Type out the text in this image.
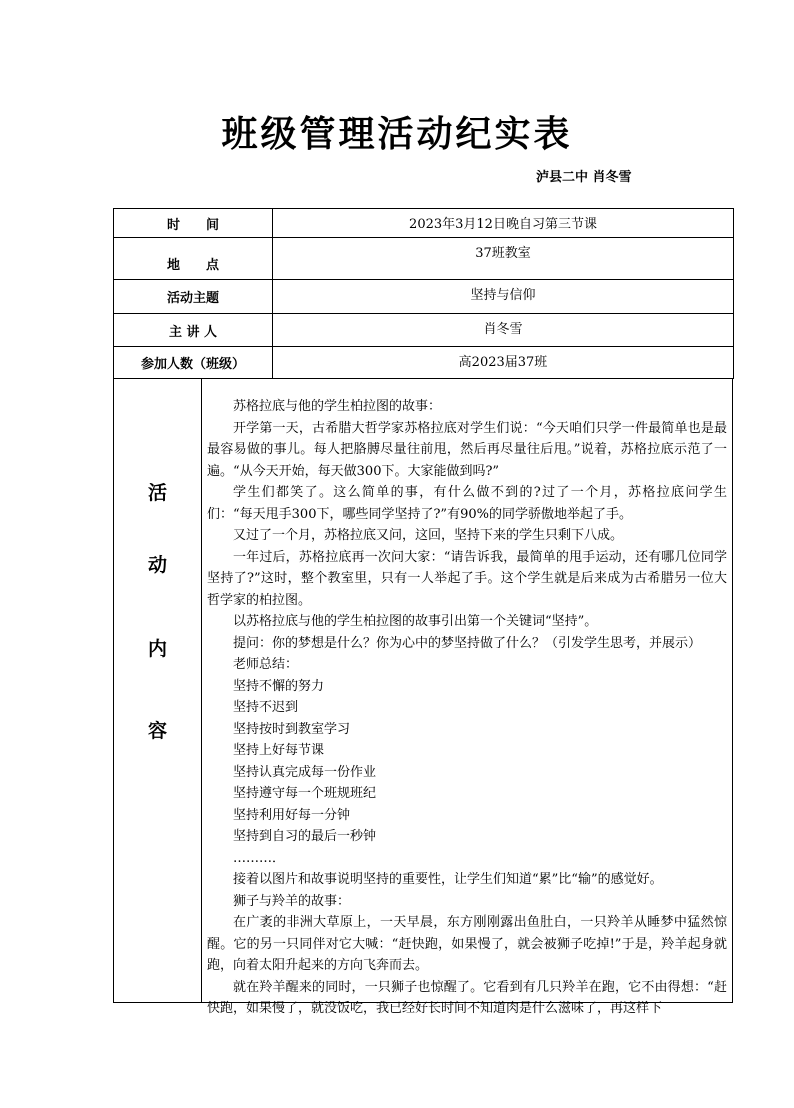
班级管理活动纪实表
泸县二中 肖冬雪
时　　间	2023年3月12日晚自习第三节课
地　　点	37班教室
活动主题	坚持与信仰
主 讲 人	肖冬雪
参加人数（班级）	高2023届37班
活
动
内
容

苏格拉底与他的学生柏拉图的故事：

开学第一天，古希腊大哲学家苏格拉底对学生们说：“今天咱们只学一件最简单也是最最容易做的事儿。每人把胳膊尽量往前甩，然后再尽量往后甩。”说着，苏格拉底示范了一遍。“从今天开始，每天做300下。大家能做到吗?”

学生们都笑了。这么简单的事，有什么做不到的?过了一个月，苏格拉底问学生们：“每天甩手300下，哪些同学坚持了?”有90%的同学骄傲地举起了手。

又过了一个月，苏格拉底又问，这回，坚持下来的学生只剩下八成。

一年过后，苏格拉底再一次问大家：“请告诉我，最简单的甩手运动，还有哪几位同学坚持了?”这时，整个教室里，只有一人举起了手。这个学生就是后来成为古希腊另一位大哲学家的柏拉图。

以苏格拉底与他的学生柏拉图的故事引出第一个关键词“坚持”。

提问：你的梦想是什么？你为心中的梦坚持做了什么？（引发学生思考，并展示）

老师总结：

坚持不懈的努力

坚持不迟到

坚持按时到教室学习

坚持上好每节课

坚持认真完成每一份作业

坚持遵守每一个班规班纪

坚持利用好每一分钟

坚持到自习的最后一秒钟

………．

接着以图片和故事说明坚持的重要性，让学生们知道“累”比“输”的感觉好。

狮子与羚羊的故事：

在广袤的非洲大草原上，一天早晨，东方刚刚露出鱼肚白，一只羚羊从睡梦中猛然惊醒。它的另一只同伴对它大喊：“赶快跑，如果慢了，就会被狮子吃掉!”于是，羚羊起身就跑，向着太阳升起来的方向飞奔而去。

就在羚羊醒来的同时，一只狮子也惊醒了。它看到有几只羚羊在跑，它不由得想：“赶快跑，如果慢了，就没饭吃，我已经好长时间不知道肉是什么滋味了，再这样下
